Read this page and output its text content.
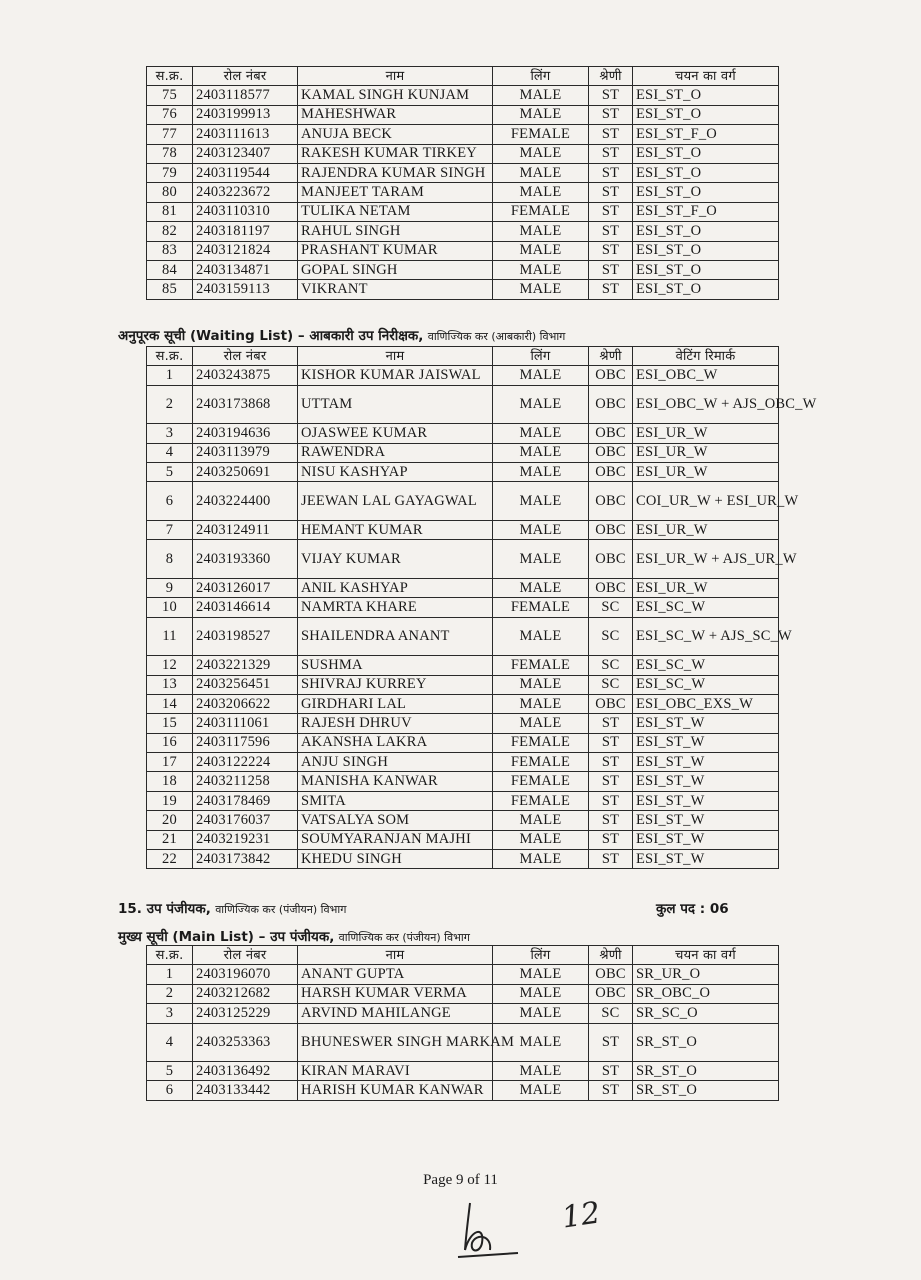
स.क्र.	रोल नंबर	नाम	लिंग	श्रेणी	चयन का वर्ग
75	2403118577	KAMAL SINGH KUNJAM	MALE	ST	ESI_ST_O
76	2403199913	MAHESHWAR	MALE	ST	ESI_ST_O
77	2403111613	ANUJA BECK	FEMALE	ST	ESI_ST_F_O
78	2403123407	RAKESH KUMAR TIRKEY	MALE	ST	ESI_ST_O
79	2403119544	RAJENDRA KUMAR SINGH	MALE	ST	ESI_ST_O
80	2403223672	MANJEET TARAM	MALE	ST	ESI_ST_O
81	2403110310	TULIKA NETAM	FEMALE	ST	ESI_ST_F_O
82	2403181197	RAHUL SINGH	MALE	ST	ESI_ST_O
83	2403121824	PRASHANT KUMAR	MALE	ST	ESI_ST_O
84	2403134871	GOPAL SINGH	MALE	ST	ESI_ST_O
85	2403159113	VIKRANT	MALE	ST	ESI_ST_O
अनुपूरक सूची (Waiting List) – आबकारी उप निरीक्षक, वाणिज्यिक कर (आबकारी) विभाग
स.क्र.	रोल नंबर	नाम	लिंग	श्रेणी	वेटिंग रिमार्क
1	2403243875	KISHOR KUMAR JAISWAL	MALE	OBC	ESI_OBC_W
2	2403173868	UTTAM	MALE	OBC	ESI_OBC_W + AJS_OBC_W
3	2403194636	OJASWEE KUMAR	MALE	OBC	ESI_UR_W
4	2403113979	RAWENDRA	MALE	OBC	ESI_UR_W
5	2403250691	NISU KASHYAP	MALE	OBC	ESI_UR_W
6	2403224400	JEEWAN LAL GAYAGWAL	MALE	OBC	COI_UR_W + ESI_UR_W
7	2403124911	HEMANT KUMAR	MALE	OBC	ESI_UR_W
8	2403193360	VIJAY KUMAR	MALE	OBC	ESI_UR_W + AJS_UR_W
9	2403126017	ANIL KASHYAP	MALE	OBC	ESI_UR_W
10	2403146614	NAMRTA KHARE	FEMALE	SC	ESI_SC_W
11	2403198527	SHAILENDRA ANANT	MALE	SC	ESI_SC_W + AJS_SC_W
12	2403221329	SUSHMA	FEMALE	SC	ESI_SC_W
13	2403256451	SHIVRAJ KURREY	MALE	SC	ESI_SC_W
14	2403206622	GIRDHARI LAL	MALE	OBC	ESI_OBC_EXS_W
15	2403111061	RAJESH DHRUV	MALE	ST	ESI_ST_W
16	2403117596	AKANSHA LAKRA	FEMALE	ST	ESI_ST_W
17	2403122224	ANJU SINGH	FEMALE	ST	ESI_ST_W
18	2403211258	MANISHA KANWAR	FEMALE	ST	ESI_ST_W
19	2403178469	SMITA	FEMALE	ST	ESI_ST_W
20	2403176037	VATSALYA SOM	MALE	ST	ESI_ST_W
21	2403219231	SOUMYARANJAN MAJHI	MALE	ST	ESI_ST_W
22	2403173842	KHEDU SINGH	MALE	ST	ESI_ST_W
15. उप पंजीयक, वाणिज्यिक कर (पंजीयन) विभाग	कुल पद : 06
मुख्य सूची (Main List) – उप पंजीयक, वाणिज्यिक कर (पंजीयन) विभाग
स.क्र.	रोल नंबर	नाम	लिंग	श्रेणी	चयन का वर्ग
1	2403196070	ANANT GUPTA	MALE	OBC	SR_UR_O
2	2403212682	HARSH KUMAR VERMA	MALE	OBC	SR_OBC_O
3	2403125229	ARVIND MAHILANGE	MALE	SC	SR_SC_O
4	2403253363	BHUNESWER SINGH MARKAM	MALE	ST	SR_ST_O
5	2403136492	KIRAN MARAVI	MALE	ST	SR_ST_O
6	2403133442	HARISH KUMAR KANWAR	MALE	ST	SR_ST_O
Page 9 of 11
12
